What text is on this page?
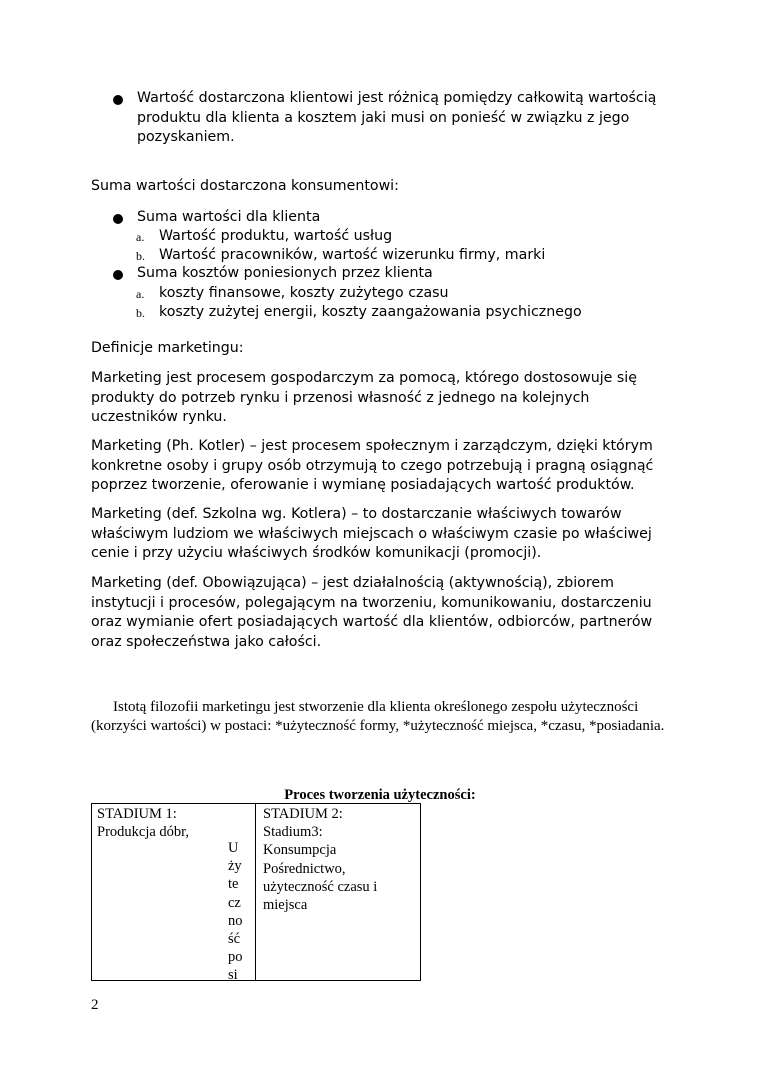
Wartość dostarczona klientowi jest różnicą pomiędzy całkowitą wartością produktu dla klienta a kosztem jaki musi on ponieść w związku z jego pozyskaniem.

Suma wartości dostarczona konsumentowi:

Suma wartości dla klienta
a. Wartość produktu, wartość usług
b. Wartość pracowników, wartość wizerunku firmy, marki
Suma kosztów poniesionych przez klienta
a. koszty finansowe, koszty zużytego czasu
b. koszty zużytej energii, koszty zaangażowania psychicznego

Definicje marketingu:

Marketing jest procesem gospodarczym za pomocą, którego dostosowuje się produkty do potrzeb rynku i przenosi własność z jednego na kolejnych uczestników rynku.

Marketing (Ph. Kotler) – jest procesem społecznym i zarządczym, dzięki którym konkretne osoby i grupy osób otrzymują to czego potrzebują i pragną osiągnąć poprzez tworzenie, oferowanie i wymianę posiadających wartość produktów.

Marketing (def. Szkolna wg. Kotlera) – to dostarczanie właściwych towarów właściwym ludziom we właściwych miejscach o właściwym czasie po właściwej cenie i przy użyciu właściwych środków komunikacji (promocji).

Marketing (def. Obowiązująca) – jest działalnością (aktywnością), zbiorem instytucji i procesów, polegającym na tworzeniu, komunikowaniu, dostarczeniu oraz wymianie ofert posiadających wartość dla klientów, odbiorców, partnerów oraz społeczeństwa jako całości.

Istotą filozofii marketingu jest stworzenie dla klienta określonego zespołu użyteczności (korzyści wartości) w postaci: *użyteczność formy, *użyteczność miejsca, *czasu, *posiadania.

Proces tworzenia użyteczności:
STADIUM 1:
Produkcja dóbr,
U
ży
te
cz
no
ść
po
si
STADIUM 2:
Stadium3:
Konsumpcja
Pośrednictwo,
użyteczność czasu i
miejsca
2
